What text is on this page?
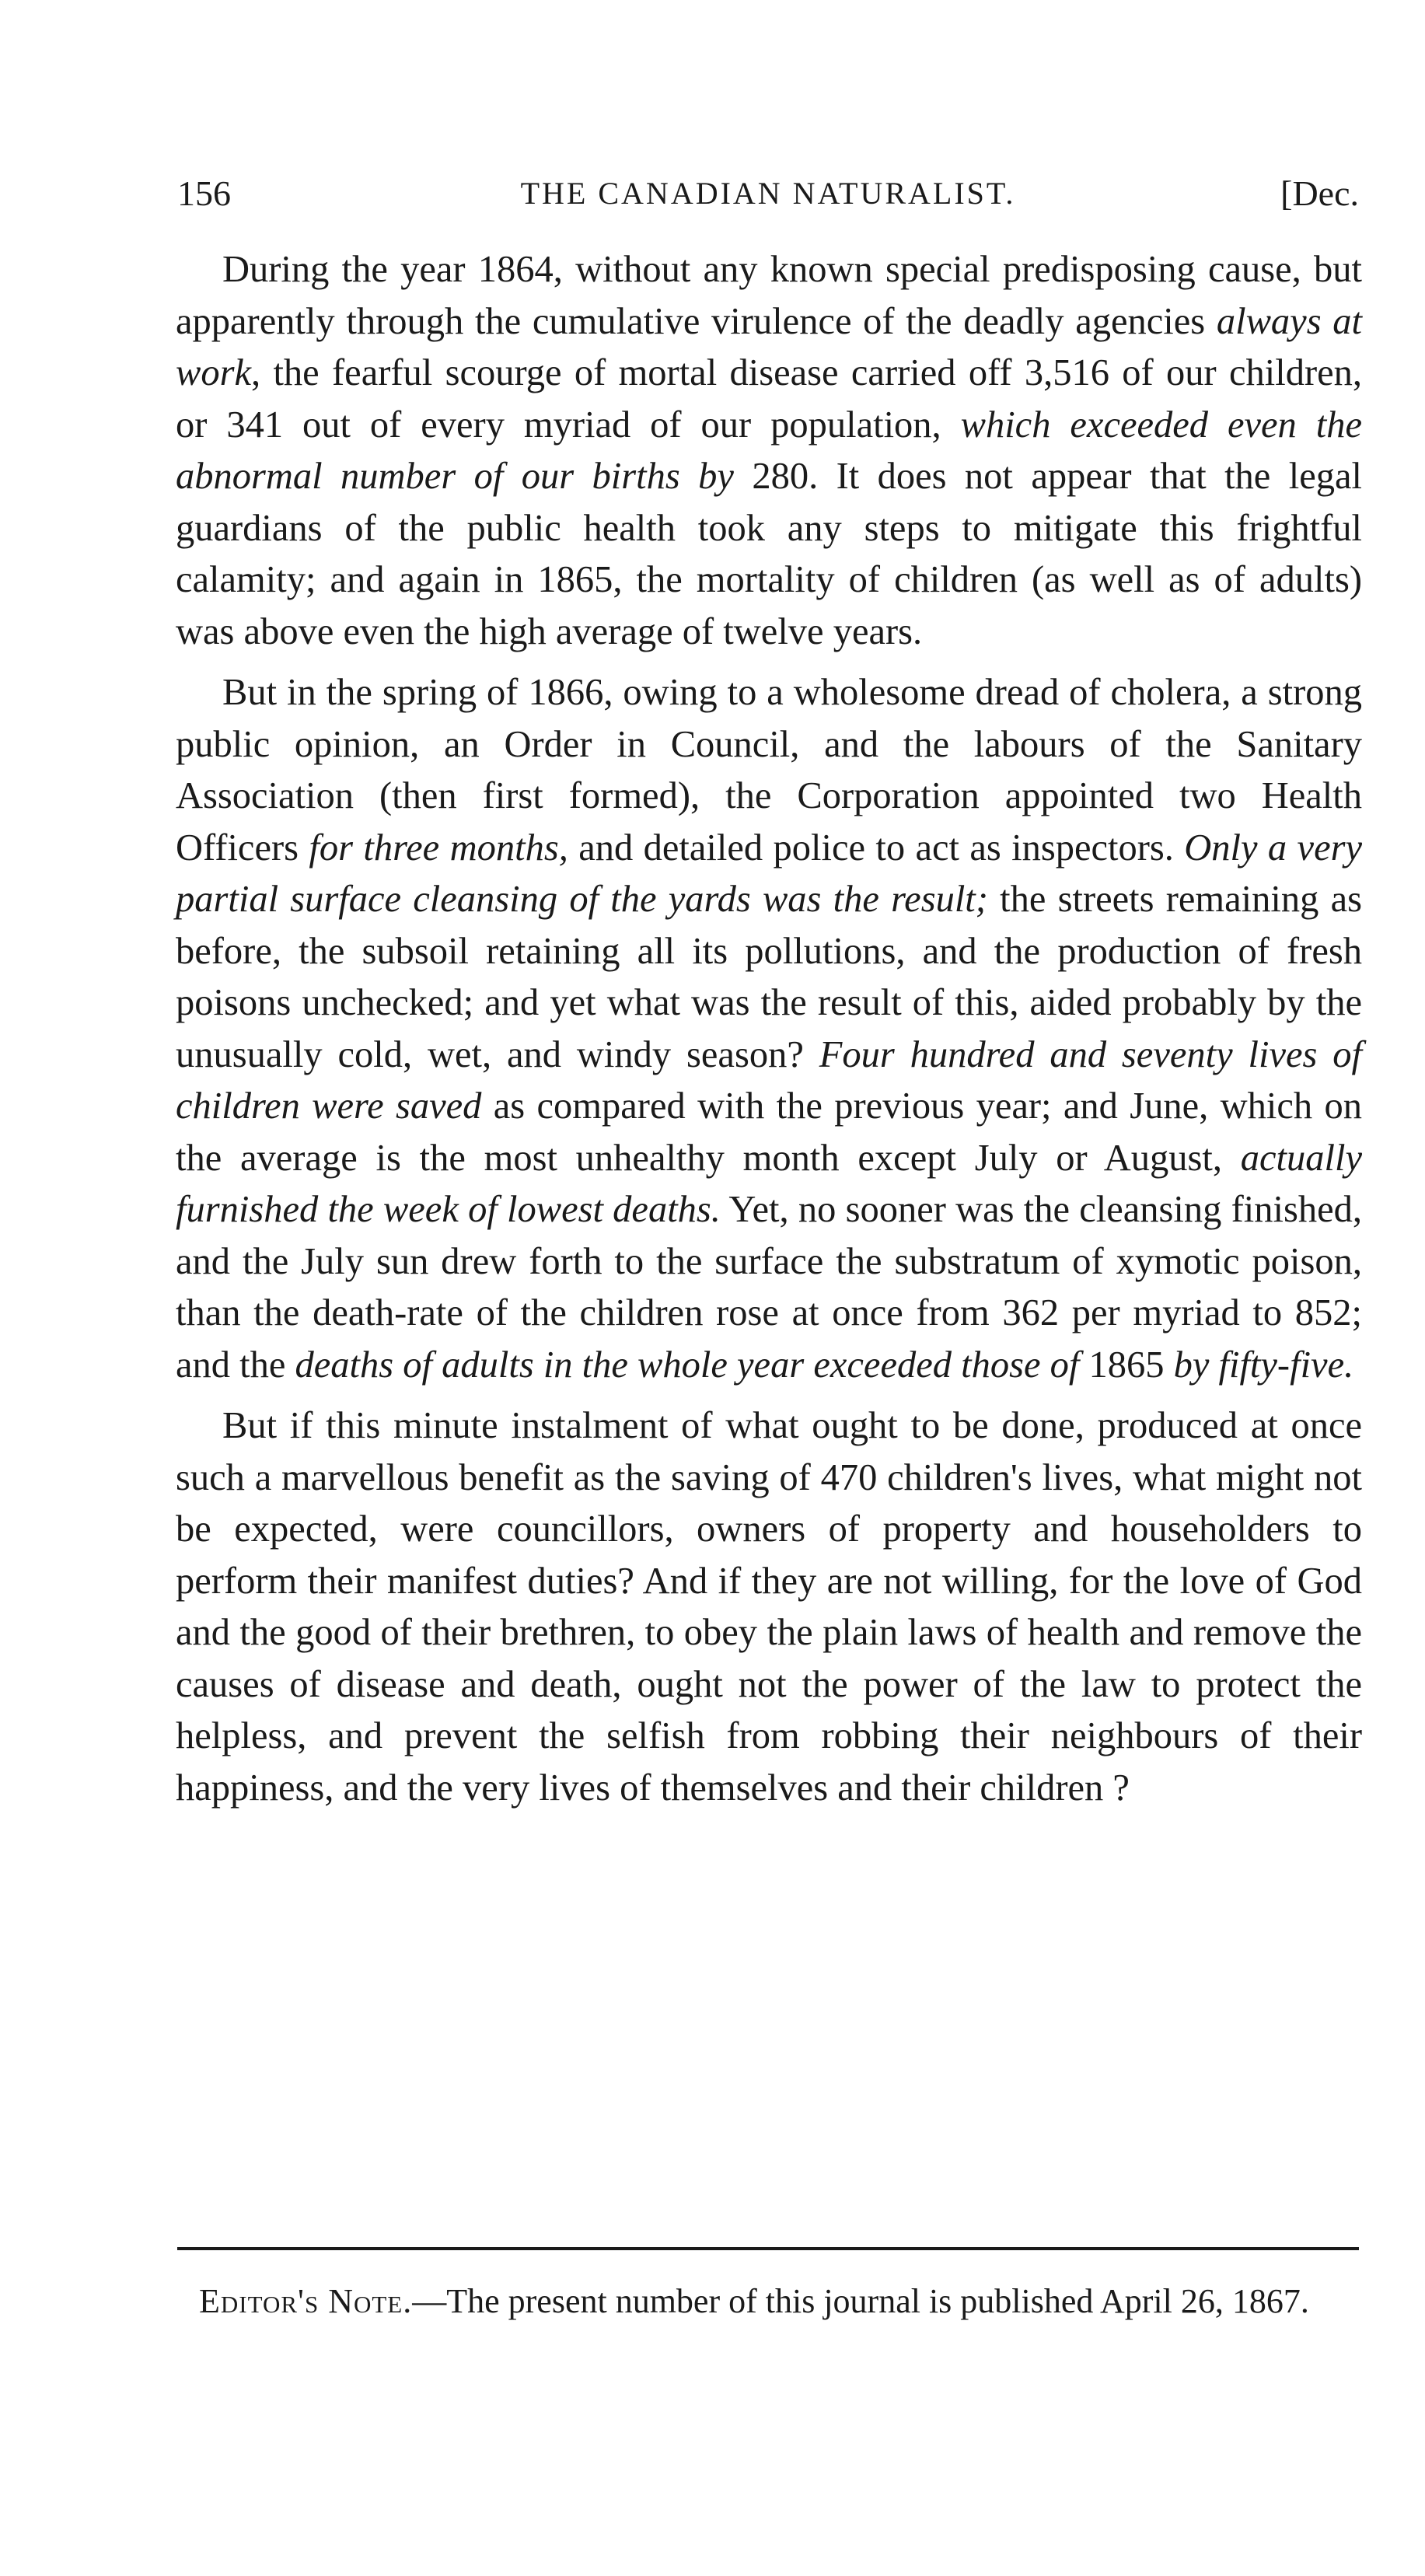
156	THE CANADIAN NATURALIST.	[Dec.

During the year 1864, without any known special predisposing cause, but apparently through the cumulative virulence of the deadly agencies always at work, the fearful scourge of mortal disease carried off 3,516 of our children, or 341 out of every myriad of our population, which exceeded even the abnormal number of our births by 280. It does not appear that the legal guardians of the public health took any steps to mitigate this frightful calamity; and again in 1865, the mortality of children (as well as of adults) was above even the high average of twelve years.

But in the spring of 1866, owing to a wholesome dread of cholera, a strong public opinion, an Order in Council, and the labours of the Sanitary Association (then first formed), the Corporation appointed two Health Officers for three months, and detailed police to act as inspectors. Only a very partial surface cleansing of the yards was the result; the streets remaining as before, the subsoil retaining all its pollutions, and the production of fresh poisons unchecked; and yet what was the result of this, aided probably by the unusually cold, wet, and windy season? Four hundred and seventy lives of children were saved as compared with the previous year; and June, which on the average is the most unhealthy month except July or August, actually furnished the week of lowest deaths. Yet, no sooner was the cleansing finished, and the July sun drew forth to the surface the substratum of xymotic poison, than the death-rate of the children rose at once from 362 per myriad to 852; and the deaths of adults in the whole year exceeded those of 1865 by fifty-five.

But if this minute instalment of what ought to be done, produced at once such a marvellous benefit as the saving of 470 children's lives, what might not be expected, were councillors, owners of property and householders to perform their manifest duties? And if they are not willing, for the love of God and the good of their brethren, to obey the plain laws of health and remove the causes of disease and death, ought not the power of the law to protect the helpless, and prevent the selfish from robbing their neighbours of their happiness, and the very lives of themselves and their children ?

Editor's Note.—The present number of this journal is published April 26, 1867.
